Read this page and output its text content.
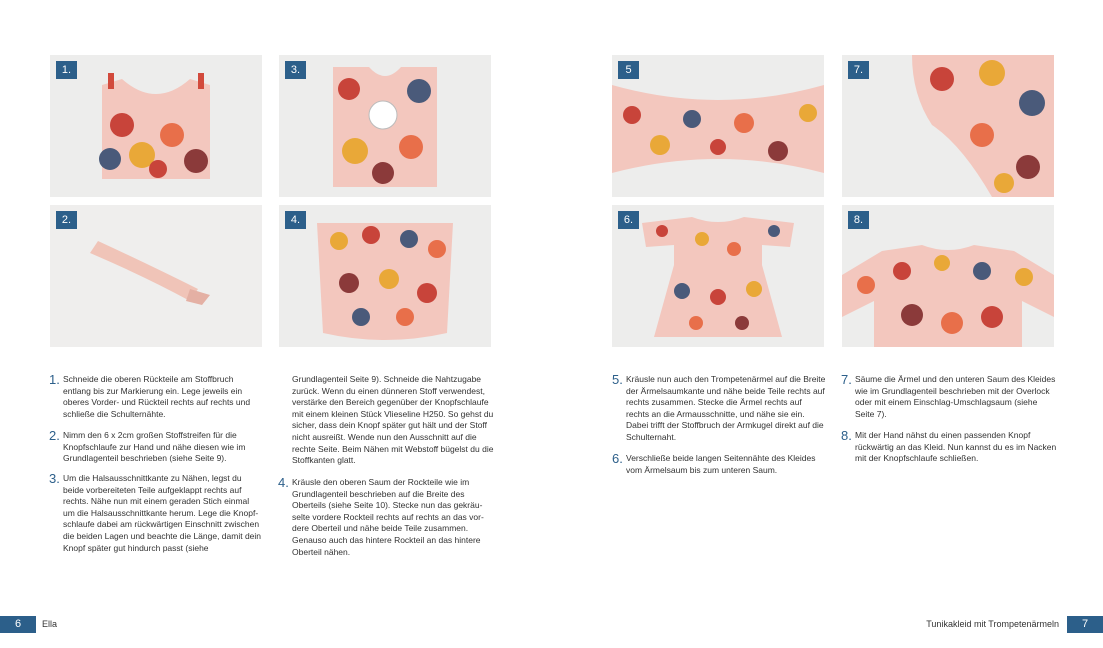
1.	3.	5	7.
2.	4.	6.	8.
1. Schneide die oberen Rückteile am Stoffbruch entlang bis zur Markierung ein. Lege jeweils ein oberes Vorder- und Rückteil rechts auf rechts und schließe die Schulternähte.
2. Nimm den 6 x 2cm großen Stoffstreifen für die Knopfschlaufe zur Hand und nähe diesen wie im Grundlagenteil beschrieben (siehe Seite 9).
3. Um die Halsausschnittkante zu Nähen, legst du beide vorbereiteten Teile aufgeklappt rechts auf rechts. Nähe nun mit einem geraden Stich einmal um die Halsausschnittkante herum. Lege die Knopfschlaufe dabei am rückwärtigen Einschnitt zwischen die beiden Lagen und beachte die Länge, damit dein Knopf später gut hindurch passt (siehe
Grundlagenteil Seite 9). Schneide die Nahtzugabe zurück. Wenn du einen dünneren Stoff verwendest, verstärke den Bereich gegenüber der Knopfschlaufe mit einem kleinen Stück Vlieseline H250. So gehst du sicher, dass dein Knopf später gut hält und der Stoff nicht ausreißt. Wende nun den Ausschnitt auf die rechte Seite. Beim Nähen mit Webstoff bügelst du die Stoffkanten glatt.
4. Kräusle den oberen Saum der Rockteile wie im Grundlagenteil beschrieben auf die Breite des Oberteils (siehe Seite 10). Stecke nun das gekräuselte vordere Rockteil rechts auf rechts an das vordere Oberteil und nähe beide Teile zusammen. Genauso auch das hintere Rockteil an das hintere Oberteil nähen.
5. Kräusle nun auch den Trompetenärmel auf die Breite der Ärmelsaumkante und nähe beide Teile rechts auf rechts zusammen. Stecke die Ärmel rechts auf rechts an die Armausschnitte, und nähe sie ein. Dabei trifft der Stoffbruch der Armkugel direkt auf die Schulternaht.
6. Verschließe beide langen Seitennähte des Kleides vom Ärmelsaum bis zum unteren Saum.
7. Säume die Ärmel und den unteren Saum des Kleides wie im Grundlagenteil beschrieben mit der Overlock oder mit einem Einschlag-Umschlagsaum (siehe Seite 7).
8. Mit der Hand nähst du einen passenden Knopf rückwärtig an das Kleid. Nun kannst du es im Nacken mit der Knopfschlaufe schließen.
6	Ella	Tunikakleid mit Trompetenärmeln	7
